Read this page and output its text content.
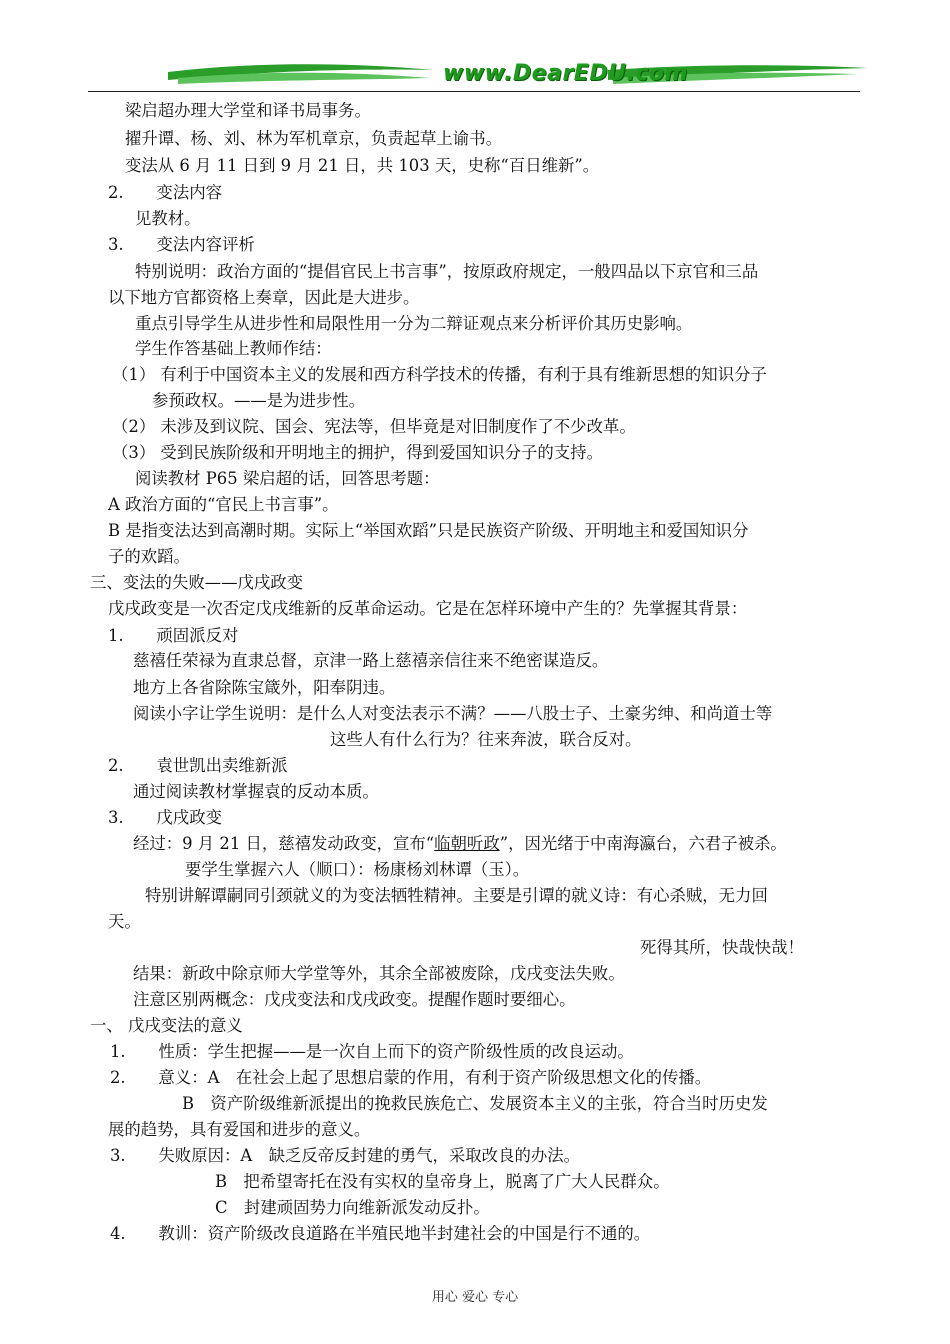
www.DearEDU.com
梁启超办理大学堂和译书局事务。
擢升谭、杨、刘、林为军机章京，负责起草上谕书。
变法从 6 月 11 日到 9 月 21 日，共 103 天，史称“百日维新”。
2.　　变法内容
见教材。
3.　　变法内容评析
特别说明：政治方面的“提倡官民上书言事”，按原政府规定，一般四品以下京官和三品
以下地方官都资格上奏章，因此是大进步。
重点引导学生从进步性和局限性用一分为二辩证观点来分析评价其历史影响。
学生作答基础上教师作结：
（1） 有利于中国资本主义的发展和西方科学技术的传播，有利于具有维新思想的知识分子
参预政权。——是为进步性。
（2） 未涉及到议院、国会、宪法等，但毕竟是对旧制度作了不少改革。
（3） 受到民族阶级和开明地主的拥护，得到爱国知识分子的支持。
阅读教材 P65 梁启超的话，回答思考题：
A 政治方面的“官民上书言事”。
B 是指变法达到高潮时期。实际上“举国欢蹈”只是民族资产阶级、开明地主和爱国知识分
子的欢蹈。
三、变法的失败——戊戌政变
戊戌政变是一次否定戊戌维新的反革命运动。它是在怎样环境中产生的？先掌握其背景：
1.　　顽固派反对
慈禧任荣禄为直隶总督，京津一路上慈禧亲信往来不绝密谋造反。
地方上各省除陈宝箴外，阳奉阴违。
阅读小字让学生说明：是什么人对变法表示不满？——八股士子、土豪劣绅、和尚道士等
这些人有什么行为？往来奔波，联合反对。
2.　　袁世凯出卖维新派
通过阅读教材掌握袁的反动本质。
3.　　戊戌政变
经过：9 月 21 日，慈禧发动政变，宣布“临朝听政”，因光绪于中南海瀛台，六君子被杀。
要学生掌握六人（顺口）：杨康杨刘林谭（玉）。
特别讲解谭嗣同引颈就义的为变法牺牲精神。主要是引谭的就义诗：有心杀贼，无力回
天。
死得其所，快哉快哉！
结果：新政中除京师大学堂等外，其余全部被废除，戊戌变法失败。
注意区别两概念：戊戌变法和戊戌政变。提醒作题时要细心。
一、 戊戌变法的意义
1.　　性质：学生把握——是一次自上而下的资产阶级性质的改良运动。
2.　　意义：A　在社会上起了思想启蒙的作用，有利于资产阶级思想文化的传播。
B　资产阶级维新派提出的挽救民族危亡、发展资本主义的主张，符合当时历史发
展的趋势，具有爱国和进步的意义。
3.　　失败原因：A　缺乏反帝反封建的勇气，采取改良的办法。
B　把希望寄托在没有实权的皇帝身上，脱离了广大人民群众。
C　封建顽固势力向维新派发动反扑。
4.　　教训：资产阶级改良道路在半殖民地半封建社会的中国是行不通的。
用心 爱心 专心
